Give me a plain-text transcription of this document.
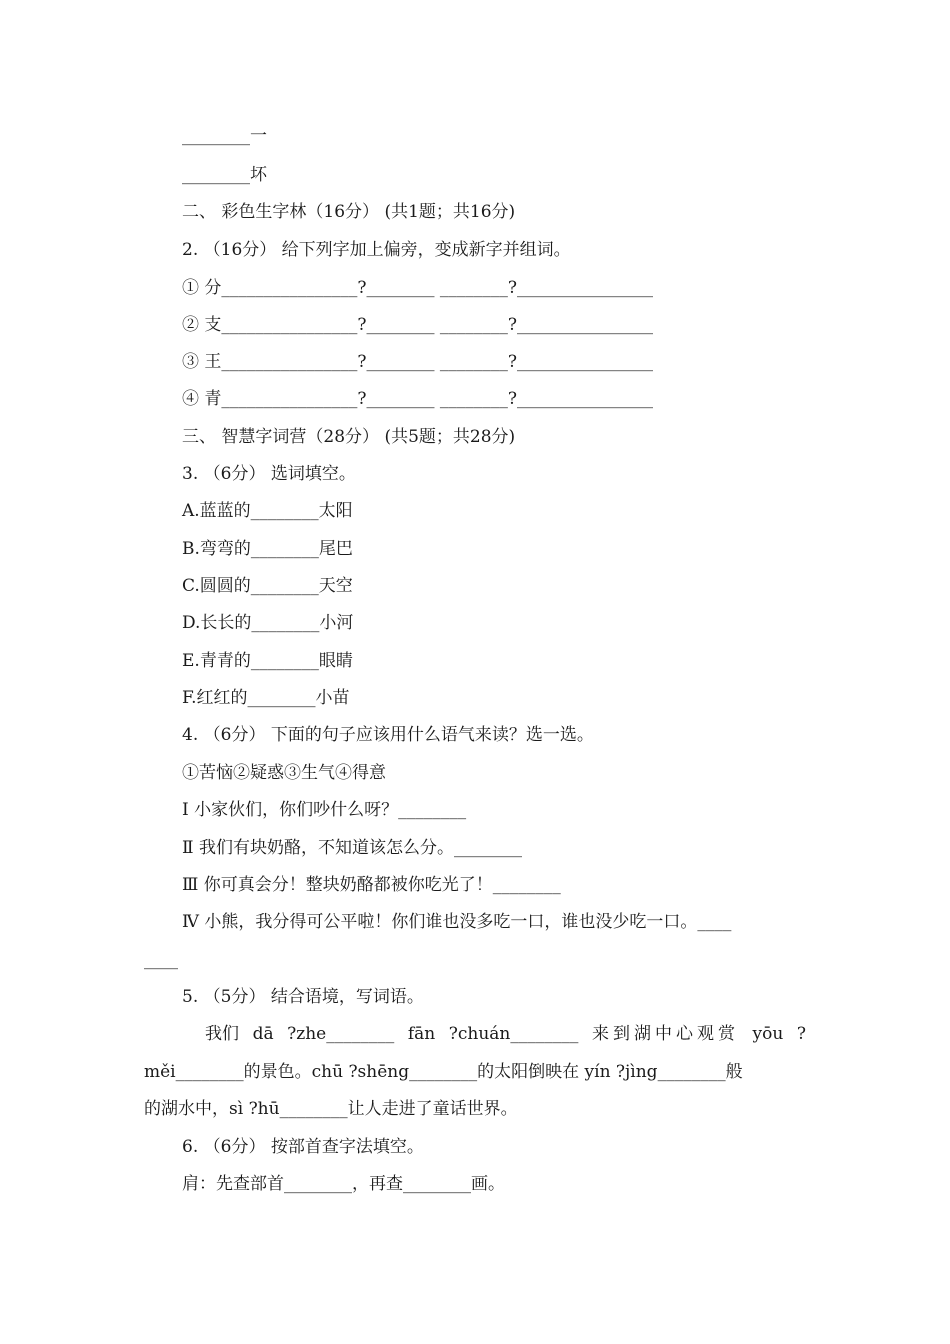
________一
________坏
二、 彩色生字林（16分） (共1题；共16分)
2. （16分） 给下列字加上偏旁，变成新字并组词。
① 分________________?________ ________?________________
② 支________________?________ ________?________________
③ 王________________?________ ________?________________
④ 青________________?________ ________?________________
三、 智慧字词营（28分） (共5题；共28分)
3. （6分） 选词填空。
A.蓝蓝的________太阳
B.弯弯的________尾巴
C.圆圆的________天空
D.长长的________小河
E.青青的________眼睛
F.红红的________小苗
4. （6分） 下面的句子应该用什么语气来读？选一选。
①苦恼②疑惑③生气④得意
Ⅰ 小家伙们，你们吵什么呀？________
Ⅱ 我们有块奶酪，不知道该怎么分。________
Ⅲ 你可真会分！整块奶酪都被你吃光了！________
Ⅳ 小熊，我分得可公平啦！你们谁也没多吃一口，谁也没少吃一口。____
____
5. （5分） 结合语境，写词语。
我们 dā ?zhe________ fān ?chuán________ 来到湖中心观赏 yōu ?
měi________的景色。chū ?shēng________的太阳倒映在 yín ?jìng________般
的湖水中，sì ?hū________让人走进了童话世界。
6. （6分） 按部首查字法填空。
肩：先查部首________，再查________画。
